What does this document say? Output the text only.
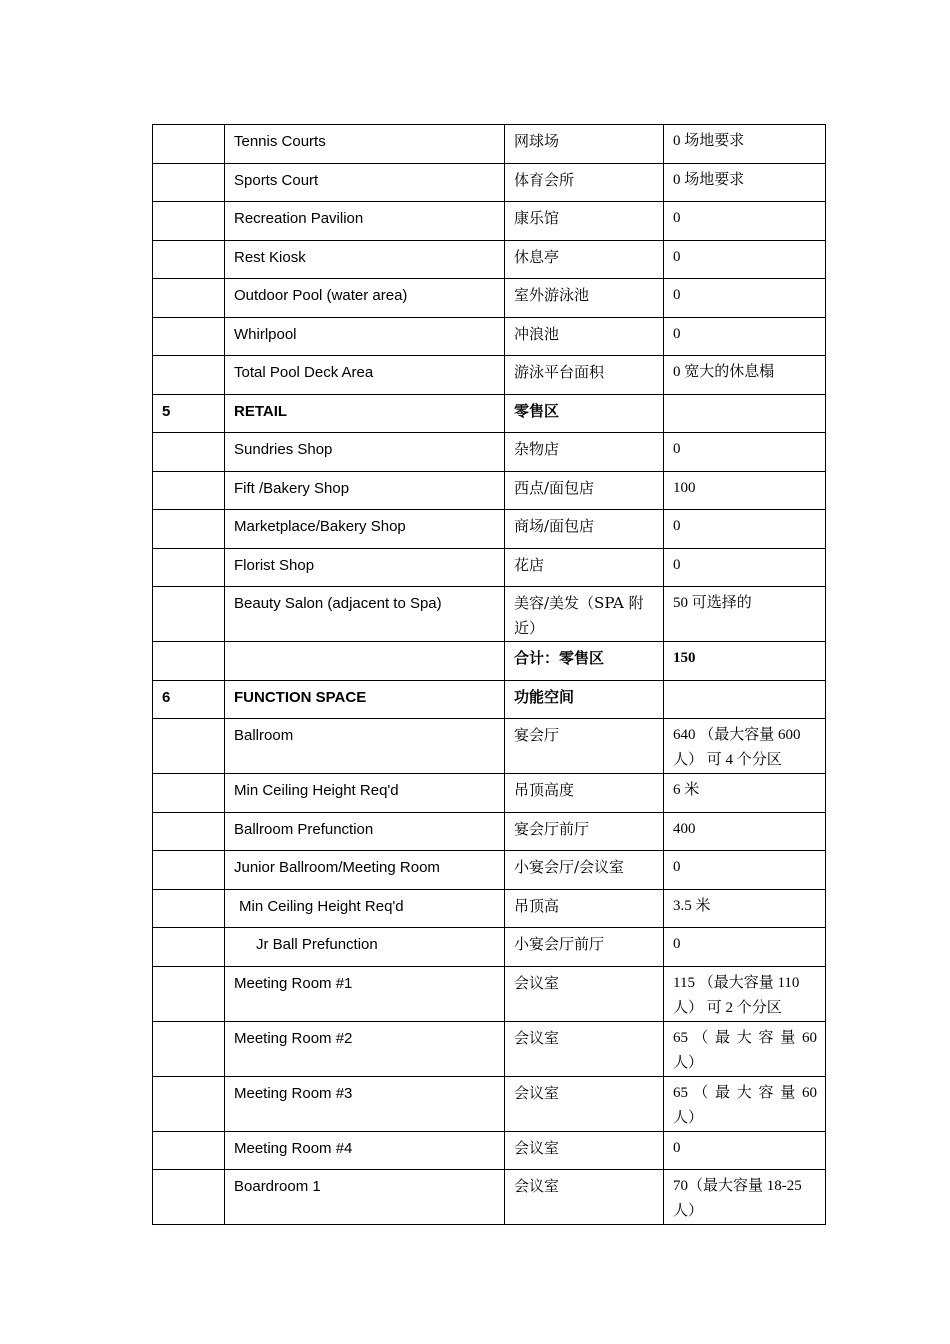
	Tennis Courts	网球场	0 场地要求
	Sports Court	体育会所	0 场地要求
	Recreation Pavilion	康乐馆	0
	Rest Kiosk	休息亭	0
	Outdoor Pool (water area)	室外游泳池	0
	Whirlpool	冲浪池	0
	Total Pool Deck Area	游泳平台面积	0 宽大的休息榻
5	RETAIL	零售区	
	Sundries Shop	杂物店	0
	Fift /Bakery Shop	西点/面包店	100
	Marketplace/Bakery Shop	商场/面包店	0
	Florist Shop	花店	0
	Beauty Salon (adjacent to Spa)	美容/美发（SPA 附近）	50 可选择的
		合计：零售区	150
6	FUNCTION SPACE	功能空间	
	Ballroom	宴会厅	640 （最大容量 600 人） 可 4 个分区
	Min Ceiling Height Req'd	吊顶高度	6 米
	Ballroom Prefunction	宴会厅前厅	400
	Junior Ballroom/Meeting Room	小宴会厅/会议室	0
	Min Ceiling Height Req'd	吊顶高	3.5 米
	Jr Ball Prefunction	小宴会厅前厅	0
	Meeting Room #1	会议室	115 （最大容量 110 人） 可 2 个分区
	Meeting Room #2	会议室	65 （ 最 大 容 量 60 人）
	Meeting Room #3	会议室	65 （ 最 大 容 量 60 人）
	Meeting Room #4	会议室	0
	Boardroom 1	会议室	70（最大容量 18-25 人）
